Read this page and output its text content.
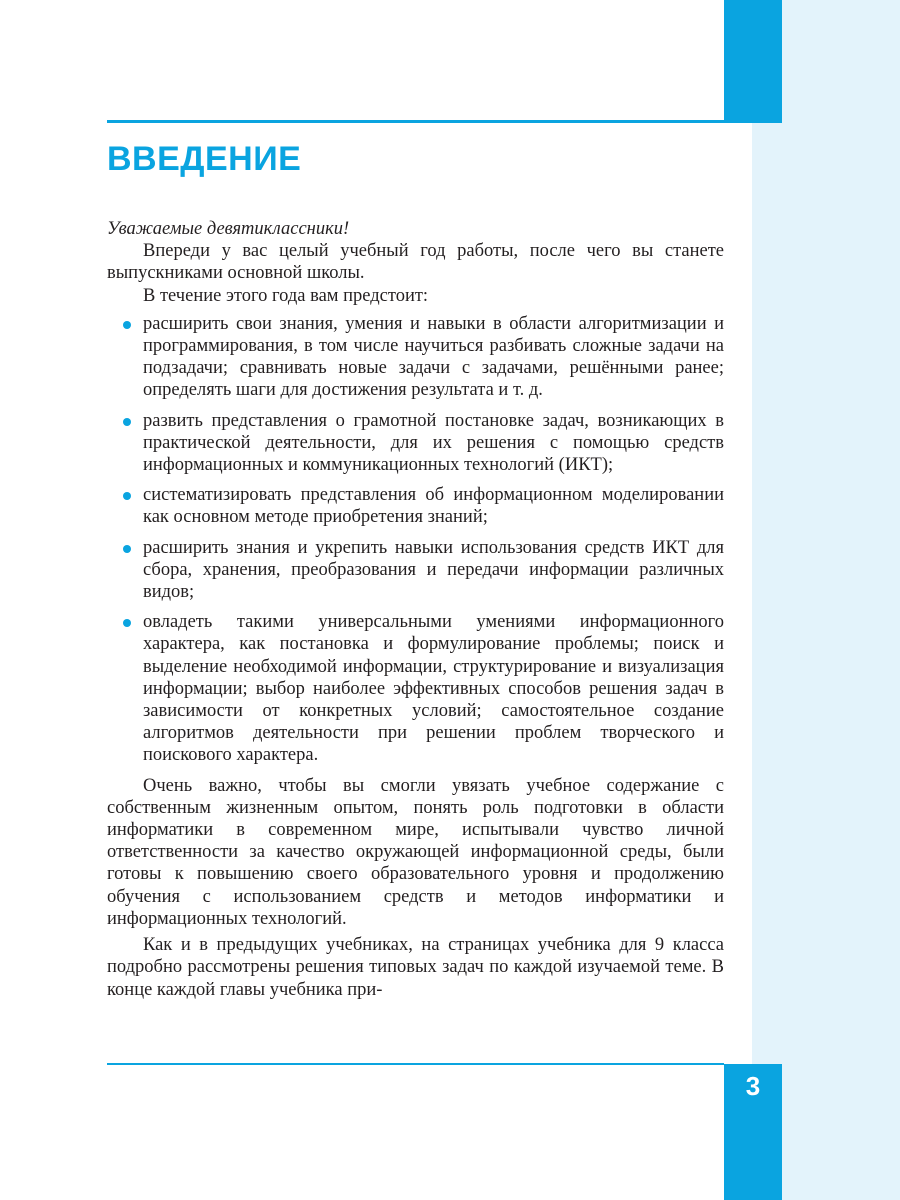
ВВЕДЕНИЕ

Уважаемые девятиклассники!

Впереди у вас целый учебный год работы, после чего вы станете выпускниками основной школы.

В течение этого года вам предстоит:

расширить свои знания, умения и навыки в области алгоритмизации и программирования, в том числе научиться разбивать сложные задачи на подзадачи; сравнивать новые задачи с задачами, решёнными ранее; определять шаги для достижения результата и т. д.
развить представления о грамотной постановке задач, возникающих в практической деятельности, для их решения с помощью средств информационных и коммуникационных технологий (ИКТ);
систематизировать представления об информационном моделировании как основном методе приобретения знаний;
расширить знания и укрепить навыки использования средств ИКТ для сбора, хранения, преобразования и передачи информации различных видов;
овладеть такими универсальными умениями информационного характера, как постановка и формулирование проблемы; поиск и выделение необходимой информации, структурирование и визуализация информации; выбор наиболее эффективных способов решения задач в зависимости от конкретных условий; самостоятельное создание алгоритмов деятельности при решении проблем творческого и поискового характера.

Очень важно, чтобы вы смогли увязать учебное содержание с собственным жизненным опытом, понять роль подготовки в области информатики в современном мире, испытывали чувство личной ответственности за качество окружающей информационной среды, были готовы к повышению своего образовательного уровня и продолжению обучения с использованием средств и методов информатики и информационных технологий.

Как и в предыдущих учебниках, на страницах учебника для 9 класса подробно рассмотрены решения типовых задач по каждой изучаемой теме. В конце каждой главы учебника при-

3
